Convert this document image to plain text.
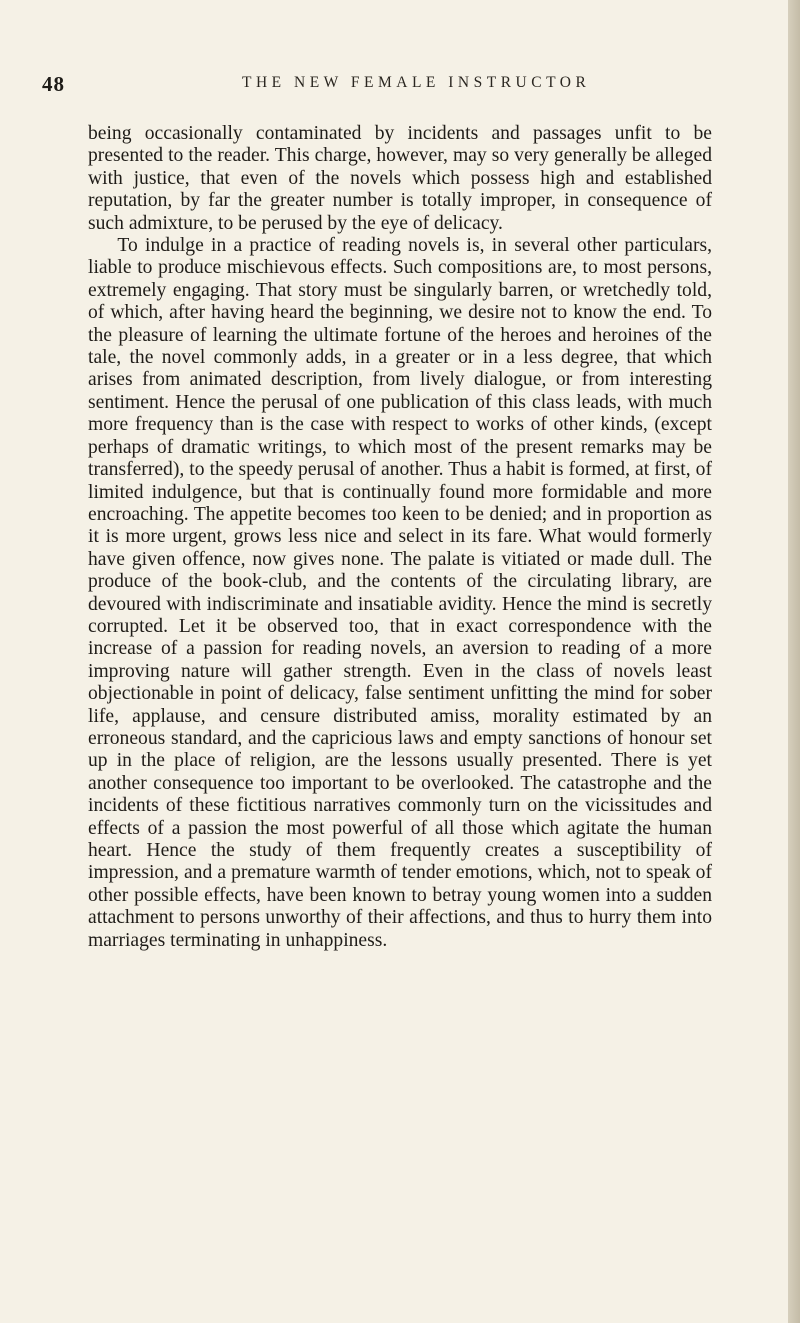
48	THE NEW FEMALE INSTRUCTOR

being occasionally contaminated by incidents and passages unfit to be presented to the reader. This charge, however, may so very generally be alleged with justice, that even of the novels which possess high and established reputation, by far the greater number is totally improper, in consequence of such admixture, to be perused by the eye of delicacy.

To indulge in a practice of reading novels is, in several other particulars, liable to produce mischievous effects. Such compositions are, to most persons, extremely engaging. That story must be singularly barren, or wretchedly told, of which, after having heard the beginning, we desire not to know the end. To the pleasure of learning the ultimate fortune of the heroes and heroines of the tale, the novel commonly adds, in a greater or in a less degree, that which arises from animated description, from lively dialogue, or from interesting sentiment. Hence the perusal of one publication of this class leads, with much more frequency than is the case with respect to works of other kinds, (except perhaps of dramatic writings, to which most of the present remarks may be transferred), to the speedy perusal of another. Thus a habit is formed, at first, of limited indulgence, but that is continually found more formidable and more encroaching. The appetite becomes too keen to be denied; and in proportion as it is more urgent, grows less nice and select in its fare. What would formerly have given offence, now gives none. The palate is vitiated or made dull. The produce of the book-club, and the contents of the circulating library, are devoured with indiscriminate and insatiable avidity. Hence the mind is secretly corrupted. Let it be observed too, that in exact correspondence with the increase of a passion for reading novels, an aversion to reading of a more improving nature will gather strength. Even in the class of novels least objectionable in point of delicacy, false sentiment unfitting the mind for sober life, applause, and censure distributed amiss, morality estimated by an erroneous standard, and the capricious laws and empty sanctions of honour set up in the place of religion, are the lessons usually presented. There is yet another consequence too important to be overlooked. The catastrophe and the incidents of these fictitious narratives commonly turn on the vicissitudes and effects of a passion the most powerful of all those which agitate the human heart. Hence the study of them frequently creates a susceptibility of impression, and a premature warmth of tender emotions, which, not to speak of other possible effects, have been known to betray young women into a sudden attachment to persons unworthy of their affections, and thus to hurry them into marriages terminating in unhappiness.
